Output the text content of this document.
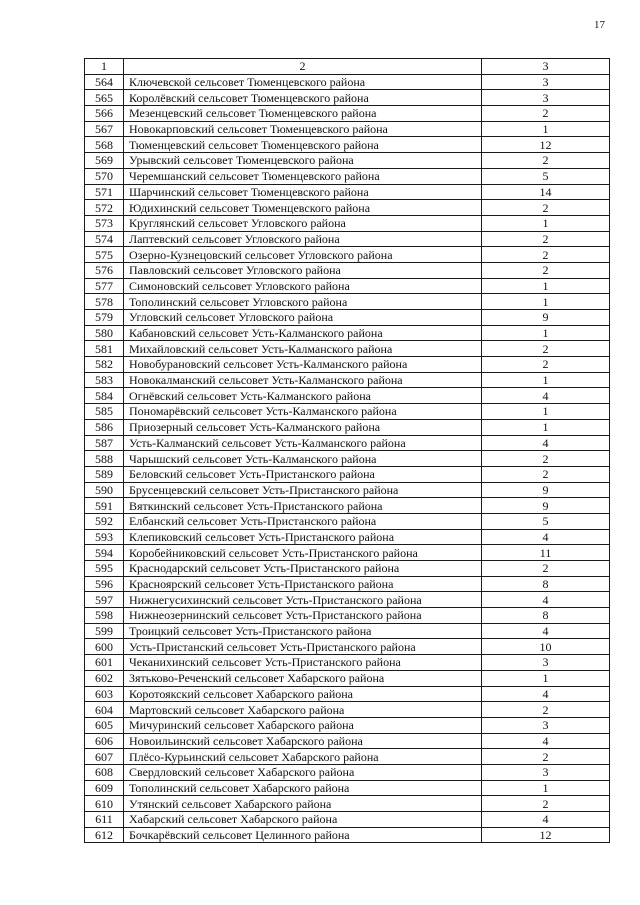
17
1	2	3
564	Ключевской сельсовет Тюменцевского района	3
565	Королёвский сельсовет Тюменцевского района	3
566	Мезенцевский сельсовет Тюменцевского района	2
567	Новокарповский сельсовет Тюменцевского района	1
568	Тюменцевский сельсовет Тюменцевского района	12
569	Урывский сельсовет Тюменцевского района	2
570	Черемшанский сельсовет Тюменцевского района	5
571	Шарчинский сельсовет Тюменцевского района	14
572	Юдихинский сельсовет Тюменцевского района	2
573	Круглянский сельсовет Угловского района	1
574	Лаптевский сельсовет Угловского района	2
575	Озерно-Кузнецовский сельсовет Угловского района	2
576	Павловский сельсовет Угловского района	2
577	Симоновский сельсовет Угловского района	1
578	Тополинский сельсовет Угловского района	1
579	Угловский сельсовет Угловского района	9
580	Кабановский сельсовет Усть-Калманского района	1
581	Михайловский сельсовет Усть-Калманского района	2
582	Новобурановский сельсовет Усть-Калманского района	2
583	Новокалманский сельсовет Усть-Калманского района	1
584	Огнёвский сельсовет Усть-Калманского района	4
585	Пономарёвский сельсовет Усть-Калманского района	1
586	Приозерный сельсовет Усть-Калманского района	1
587	Усть-Калманский сельсовет Усть-Калманского района	4
588	Чарышский сельсовет Усть-Калманского района	2
589	Беловский сельсовет Усть-Пристанского района	2
590	Брусенцевский сельсовет Усть-Пристанского района	9
591	Вяткинский сельсовет Усть-Пристанского района	9
592	Елбанский сельсовет Усть-Пристанского района	5
593	Клепиковский сельсовет Усть-Пристанского района	4
594	Коробейниковский сельсовет Усть-Пристанского района	11
595	Краснодарский сельсовет Усть-Пристанского района	2
596	Красноярский сельсовет Усть-Пристанского района	8
597	Нижнегусихинский сельсовет Усть-Пристанского района	4
598	Нижнеозернинский сельсовет Усть-Пристанского района	8
599	Троицкий сельсовет Усть-Пристанского района	4
600	Усть-Пристанский сельсовет Усть-Пристанского района	10
601	Чеканихинский сельсовет Усть-Пристанского района	3
602	Зятьково-Реченский сельсовет Хабарского района	1
603	Коротоякский сельсовет Хабарского района	4
604	Мартовский сельсовет Хабарского района	2
605	Мичуринский сельсовет Хабарского района	3
606	Новоильинский сельсовет Хабарского района	4
607	Плёсо-Курьинский сельсовет Хабарского района	2
608	Свердловский сельсовет Хабарского района	3
609	Тополинский сельсовет Хабарского района	1
610	Утянский сельсовет Хабарского района	2
611	Хабарский сельсовет Хабарского района	4
612	Бочкарёвский сельсовет Целинного района	12
